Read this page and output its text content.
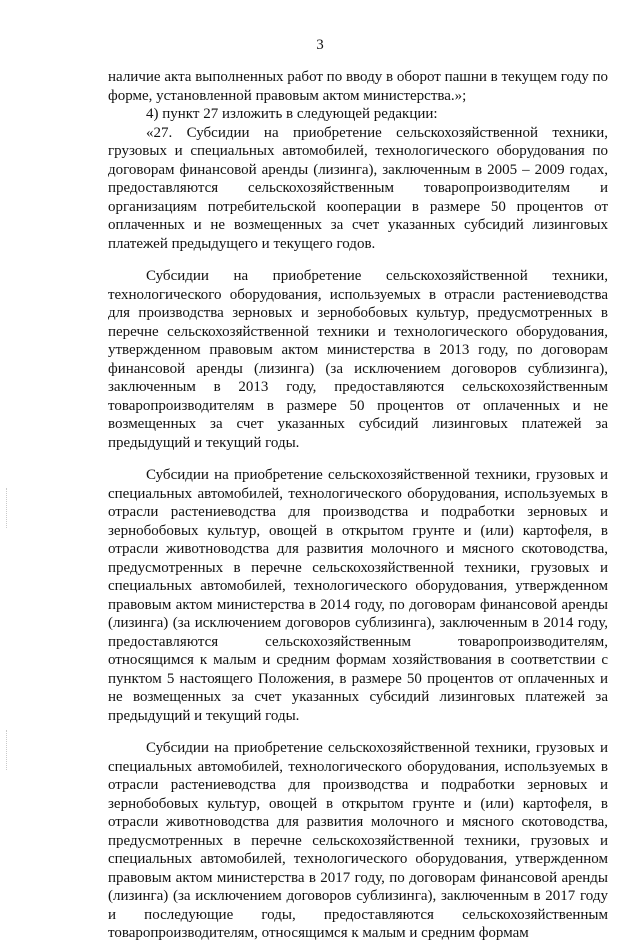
3

наличие акта выполненных работ по вводу в оборот пашни в текущем году по форме, установленной правовым актом министерства.»;

4) пункт 27 изложить в следующей редакции:

«27. Субсидии на приобретение сельскохозяйственной техники, грузовых и специальных автомобилей, технологического оборудования по договорам финансовой аренды (лизинга), заключенным в 2005 – 2009 годах, предоставляются сельскохозяйственным товаропроизводителям и организациям потребительской кооперации в размере 50 процентов от оплаченных и не возмещенных за счет указанных субсидий лизинговых платежей предыдущего и текущего годов.

Субсидии на приобретение сельскохозяйственной техники, технологического оборудования, используемых в отрасли растениеводства для производства зерновых и зернобобовых культур, предусмотренных в перечне сельскохозяйственной техники и технологического оборудования, утвержденном правовым актом министерства в 2013 году, по договорам финансовой аренды (лизинга) (за исключением договоров сублизинга), заключенным в 2013 году, предоставляются сельскохозяйственным товаропроизводителям в размере 50 процентов от оплаченных и не возмещенных за счет указанных субсидий лизинговых платежей за предыдущий и текущий годы.

Субсидии на приобретение сельскохозяйственной техники, грузовых и специальных автомобилей, технологического оборудования, используемых в отрасли растениеводства для производства и подработки зерновых и зернобобовых культур, овощей в открытом грунте и (или) картофеля, в отрасли животноводства для развития молочного и мясного скотоводства, предусмотренных в перечне сельскохозяйственной техники, грузовых и специальных автомобилей, технологического оборудования, утвержденном правовым актом министерства в 2014 году, по договорам финансовой аренды (лизинга) (за исключением договоров сублизинга), заключенным в 2014 году, предоставляются сельскохозяйственным товаропроизводителям, относящимся к малым и средним формам хозяйствования в соответствии с пунктом 5 настоящего Положения, в размере 50 процентов от оплаченных и не возмещенных за счет указанных субсидий лизинговых платежей за предыдущий и текущий годы.

Субсидии на приобретение сельскохозяйственной техники, грузовых и специальных автомобилей, технологического оборудования, используемых в отрасли растениеводства для производства и подработки зерновых и зернобобовых культур, овощей в открытом грунте и (или) картофеля, в отрасли животноводства для развития молочного и мясного скотоводства, предусмотренных в перечне сельскохозяйственной техники, грузовых и специальных автомобилей, технологического оборудования, утвержденном правовым актом министерства в 2017 году, по договорам финансовой аренды (лизинга) (за исключением договоров сублизинга), заключенным в 2017 году и последующие годы, предоставляются сельскохозяйственным товаропроизводителям, относящимся к малым и средним формам
